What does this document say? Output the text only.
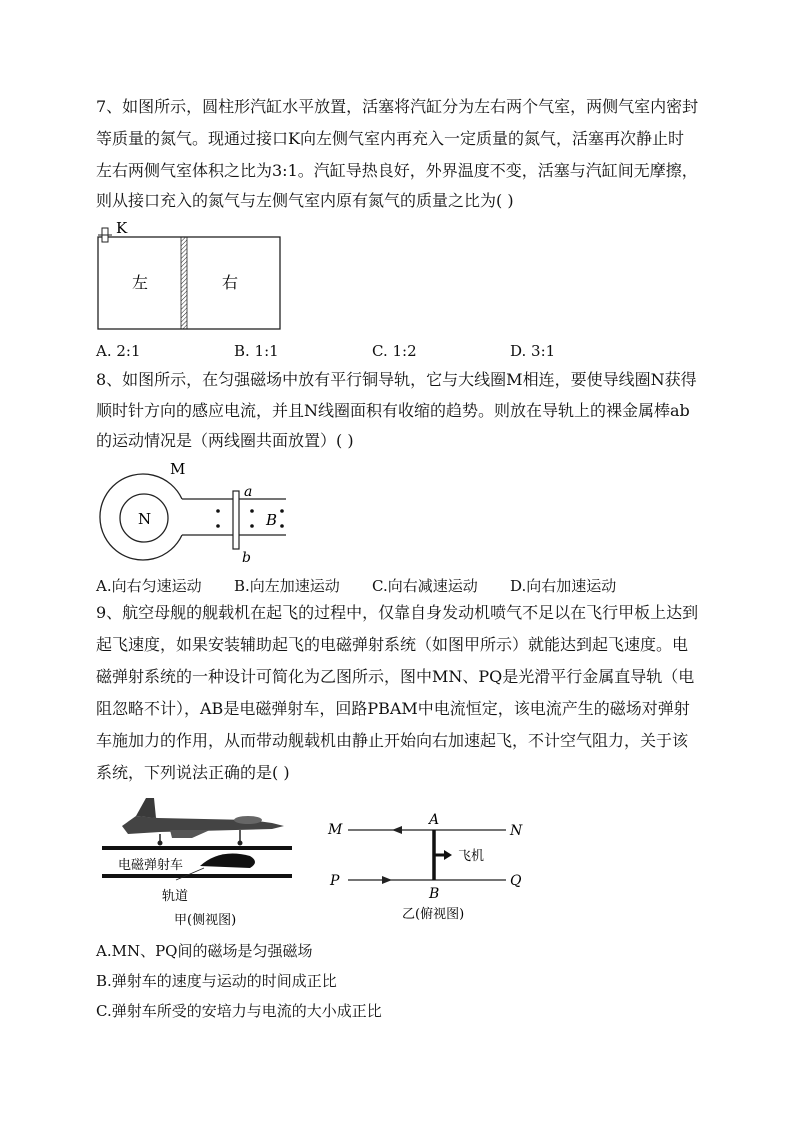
7、如图所示，圆柱形汽缸水平放置，活塞将汽缸分为左右两个气室，两侧气室内密封

等质量的氮气。现通过接口K向左侧气室内再充入一定质量的氮气，活塞再次静止时

左右两侧气室体积之比为3:1。汽缸导热良好，外界温度不变，活塞与汽缸间无摩擦，

则从接口充入的氮气与左侧气室内原有氮气的质量之比为( )

K
左	右
A. 2:1	B. 1:1	C. 1:2	D. 3:1

8、如图所示，在匀强磁场中放有平行铜导轨，它与大线圈M相连，要使导线圈N获得

顺时针方向的感应电流，并且N线圈面积有收缩的趋势。则放在导轨上的裸金属棒ab

的运动情况是（两线圈共面放置）( )

N
M
a
b
B
A.向右匀速运动 B.向左加速运动 C.向右减速运动 D.向右加速运动

9、航空母舰的舰载机在起飞的过程中，仅靠自身发动机喷气不足以在飞行甲板上达到

起飞速度，如果安装辅助起飞的电磁弹射系统（如图甲所示）就能达到起飞速度。电

磁弹射系统的一种设计可简化为乙图所示，图中MN、PQ是光滑平行金属直导轨（电

阻忽略不计），AB是电磁弹射车，回路PBAM中电流恒定，该电流产生的磁场对弹射

车施加力的作用，从而带动舰载机由静止开始向右加速起飞，不计空气阻力，关于该

系统，下列说法正确的是( )

电磁弹射车
轨道
甲(侧视图)
M	N
P	Q
A
B
飞机
乙(俯视图)

A.MN、PQ间的磁场是匀强磁场

B.弹射车的速度与运动的时间成正比

C.弹射车所受的安培力与电流的大小成正比
